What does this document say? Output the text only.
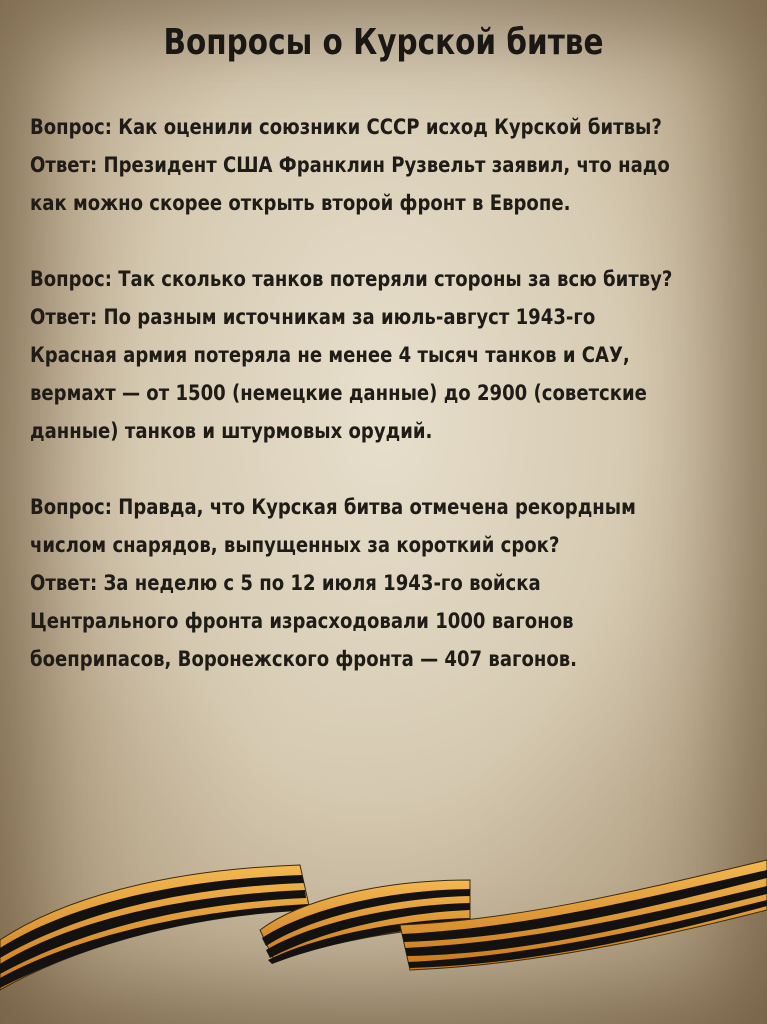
Вопросы о Курской битве

Вопрос: Как оценили союзники СССР исход Курской битвы?

Ответ: Президент США Франклин Рузвельт заявил, что надо как можно скорее открыть второй фронт в Европе.

Вопрос: Так сколько танков потеряли стороны за всю битву?

Ответ: По разным источникам за июль-август 1943-го Красная армия потеряла не менее 4 тысяч танков и САУ, вермахт — от 1500 (немецкие данные) до 2900 (советские данные) танков и штурмовых орудий.

Вопрос: Правда, что Курская битва отмечена рекордным числом снарядов, выпущенных за короткий срок?

Ответ: За неделю с 5 по 12 июля 1943-го войска Центрального фронта израсходовали 1000 вагонов боеприпасов, Воронежского фронта — 407 вагонов.
